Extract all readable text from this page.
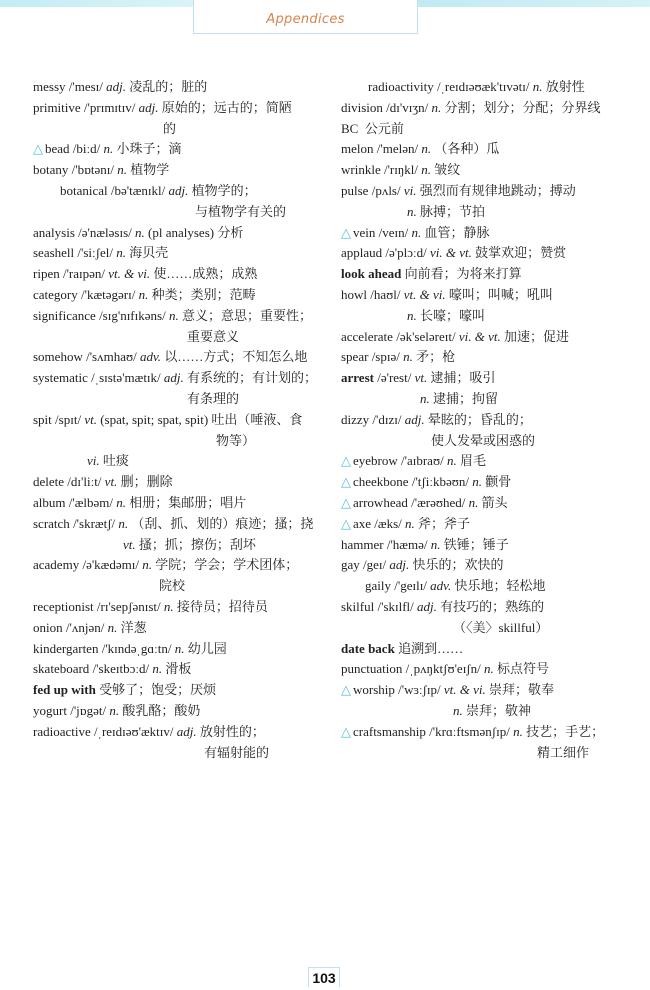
Appendices
messy /'mesɪ/ adj. 凌乱的；脏的
primitive /'prɪmɪtɪv/ adj. 原始的；远古的；简陋
的
△ bead /biːd/ n. 小珠子；滴
botany /'bɒtənɪ/ n. 植物学
botanical /bə'tænɪkl/ adj. 植物学的；
与植物学有关的
analysis /ə'næləsɪs/ n. (pl analyses) 分析
seashell /'siːʃel/ n. 海贝壳
ripen /'raɪpən/ vt. & vi. 使……成熟；成熟
category /'kætəgərɪ/ n. 种类；类别；范畴
significance /sɪg'nɪfɪkəns/ n. 意义；意思；重要性；
重要意义
somehow /'sʌmhaʊ/ adv. 以……方式；不知怎么地
systematic /ˌsɪstə'mætɪk/ adj. 有系统的；有计划的；
有条理的
spit /spɪt/ vt. (spat, spit; spat, spit) 吐出（唾液、食
物等）
vi. 吐痰
delete /dɪ'liːt/ vt. 删；删除
album /'ælbəm/ n. 相册；集邮册；唱片
scratch /'skrætʃ/ n. （刮、抓、划的）痕迹；搔；挠
vt. 搔；抓；擦伤；刮坏
academy /ə'kædəmɪ/ n. 学院；学会；学术团体；
院校
receptionist /rɪ'sepʃənɪst/ n. 接待员；招待员
onion /'ʌnjən/ n. 洋葱
kindergarten /'kɪndəˌgɑːtn/ n. 幼儿园
skateboard /'skeɪtbɔːd/ n. 滑板
fed up with 受够了；饱受；厌烦
yogurt /'jɒgət/ n. 酸乳酪；酸奶
radioactive /ˌreɪdɪəʊ'æktɪv/ adj. 放射性的；
有辐射能的
radioactivity /ˌreɪdɪəʊæk'tɪvətɪ/ n. 放射性
division /dɪ'vɪʒn/ n. 分割；划分；分配；分界线
BC 公元前
melon /'melən/ n. （各种）瓜
wrinkle /'rɪŋkl/ n. 皱纹
pulse /pʌls/ vi. 强烈而有规律地跳动；搏动
n. 脉搏；节拍
△ vein /veɪn/ n. 血管；静脉
applaud /ə'plɔːd/ vi. & vt. 鼓掌欢迎；赞赏
look ahead 向前看；为将来打算
howl /haʊl/ vt. & vi. 嚎叫；叫喊；吼叫
n. 长嚎；嚎叫
accelerate /ək'seləreɪt/ vi. & vt. 加速；促进
spear /spɪə/ n. 矛；枪
arrest /ə'rest/ vt. 逮捕；吸引
n. 逮捕；拘留
dizzy /'dɪzɪ/ adj. 晕眩的；昏乱的；
使人发晕或困惑的
△ eyebrow /'aɪbraʊ/ n. 眉毛
△ cheekbone /'tʃiːkbəʊn/ n. 颧骨
△ arrowhead /'ærəʊhed/ n. 箭头
△ axe /æks/ n. 斧；斧子
hammer /'hæmə/ n. 铁锤；锤子
gay /geɪ/ adj. 快乐的；欢快的
gaily /'geɪlɪ/ adv. 快乐地；轻松地
skilful /'skɪlfl/ adj. 有技巧的；熟练的
（〈美〉skillful）
date back 追溯到……
punctuation /ˌpʌŋktʃʊ'eɪʃn/ n. 标点符号
△ worship /'wɜːʃɪp/ vt. & vi. 崇拜；敬奉
n. 崇拜；敬神
△ craftsmanship /'krɑːftsmənʃɪp/ n. 技艺；手艺；
精工细作
103
